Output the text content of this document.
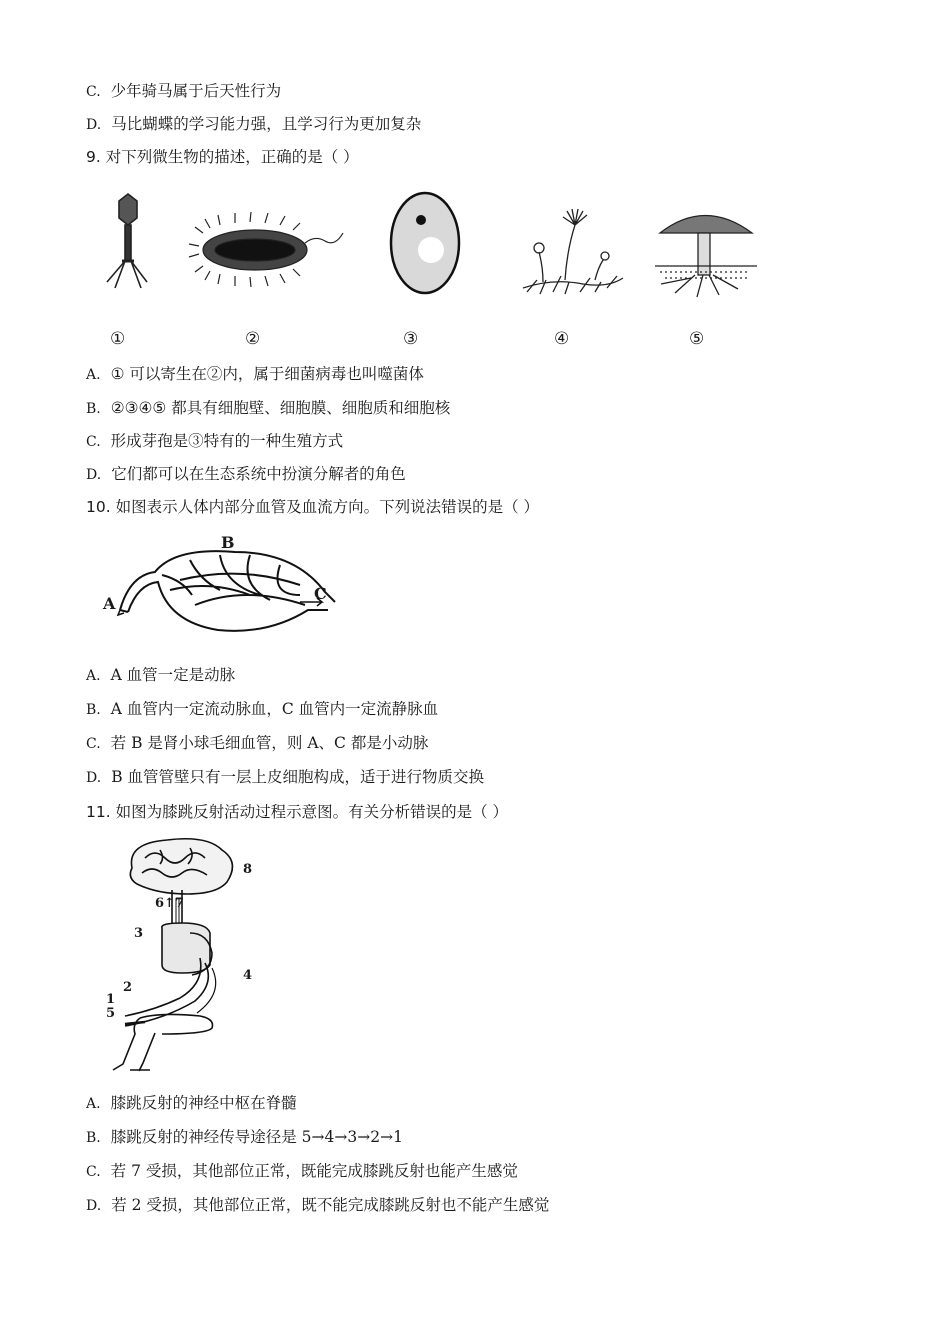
C. 少年骑马属于后天性行为
D. 马比蝴蝶的学习能力强，且学习行为更加复杂
9. 对下列微生物的描述，正确的是（ ）
①	②	③	④	⑤
A. ① 可以寄生在②内，属于细菌病毒也叫噬菌体
B. ②③④⑤ 都具有细胞壁、细胞膜、细胞质和细胞核
C. 形成芽孢是③特有的一种生殖方式
D. 它们都可以在生态系统中扮演分解者的角色
10. 如图表示人体内部分血管及血流方向。下列说法错误的是（ ）
A
B
C
A. A 血管一定是动脉
B. A 血管内一定流动脉血，C 血管内一定流静脉血
C. 若 B 是肾小球毛细血管，则 A、C 都是小动脉
D. B 血管管壁只有一层上皮细胞构成，适于进行物质交换
11. 如图为膝跳反射活动过程示意图。有关分析错误的是（ ）
8
6↑7
3
4
2
1
5
A. 膝跳反射的神经中枢在脊髓
B. 膝跳反射的神经传导途径是 5→4→3→2→1
C. 若 7 受损，其他部位正常，既能完成膝跳反射也能产生感觉
D. 若 2 受损，其他部位正常，既不能完成膝跳反射也不能产生感觉
